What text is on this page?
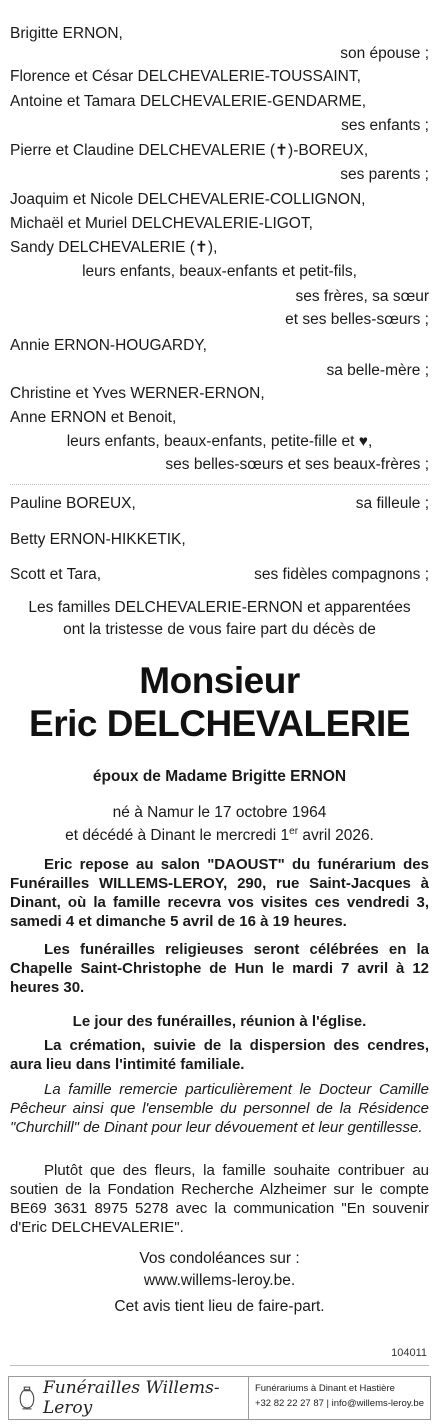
Brigitte ERNON,
son épouse ;
Florence et César DELCHEVALERIE-TOUSSAINT,
Antoine et Tamara DELCHEVALERIE-GENDARME,
ses enfants ;
Pierre et Claudine DELCHEVALERIE (✝)-BOREUX,
ses parents ;
Joaquim et Nicole DELCHEVALERIE-COLLIGNON,
Michaël et Muriel DELCHEVALERIE-LIGOT,
Sandy DELCHEVALERIE (✝),
leurs enfants, beaux-enfants et petit-fils,
ses frères, sa sœur
et ses belles-sœurs ;
Annie ERNON-HOUGARDY,
sa belle-mère ;
Christine et Yves WERNER-ERNON,
Anne ERNON et Benoit,
leurs enfants, beaux-enfants, petite-fille et ♥,
ses belles-sœurs et ses beaux-frères ;
Pauline BOREUX,	sa filleule ;
Betty ERNON-HIKKETIK,
Scott et Tara,	ses fidèles compagnons ;
Les familles DELCHEVALERIE-ERNON et apparentées
ont la tristesse de vous faire part du décès de
Monsieur
Eric DELCHEVALERIE
époux de Madame Brigitte ERNON
né à Namur le 17 octobre 1964
et décédé à Dinant le mercredi 1er avril 2026.
Eric repose au salon "DAOUST" du funérarium des Funérailles WILLEMS-LEROY, 290, rue Saint-Jacques à Dinant, où la famille recevra vos visites ces vendredi 3, samedi 4 et dimanche 5 avril de 16 à 19 heures.
Les funérailles religieuses seront célébrées en la Chapelle Saint-Christophe de Hun le mardi 7 avril à 12 heures 30.
Le jour des funérailles, réunion à l'église.
La crémation, suivie de la dispersion des cendres, aura lieu dans l'intimité familiale.
La famille remercie particulièrement le Docteur Camille Pêcheur ainsi que l'ensemble du personnel de la Résidence "Churchill" de Dinant pour leur dévouement et leur gentillesse.
Plutôt que des fleurs, la famille souhaite contribuer au soutien de la Fondation Recherche Alzheimer sur le compte BE69 3631 8975 5278 avec la communication "En souvenir d'Eric DELCHEVALERIE".
Vos condoléances sur :
www.willems-leroy.be.
Cet avis tient lieu de faire-part.
104011
Funérailles Willems-Leroy
Funérariums à Dinant et Hastière
+32 82 22 27 87 | info@willems-leroy.be
